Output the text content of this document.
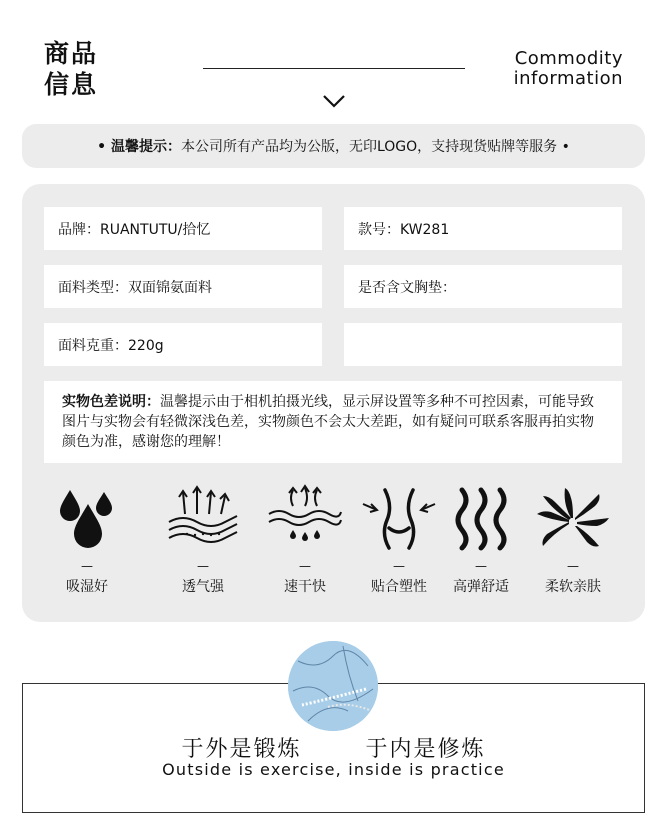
商品
信息
Commodity
information
• 温馨提示： 本公司所有产品均为公版，无印LOGO，支持现货贴牌等服务 •
品牌：RUANTUTU/拾忆	款号：KW281
面料类型：双面锦氨面料	是否含文胸垫：
面料克重：220g
实物色差说明：温馨提示由于相机拍摄光线，显示屏设置等多种不可控因素，可能导致图片与实物会有轻微深浅色差，实物颜色不会太大差距，如有疑问可联系客服再拍实物颜色为准，感谢您的理解！
—
吸湿好
—
透气强
—
速干快
—
贴合塑性
—
高弹舒适
—
柔软亲肤
于外是锻炼	于内是修炼
Outside is exercise, inside is practice
